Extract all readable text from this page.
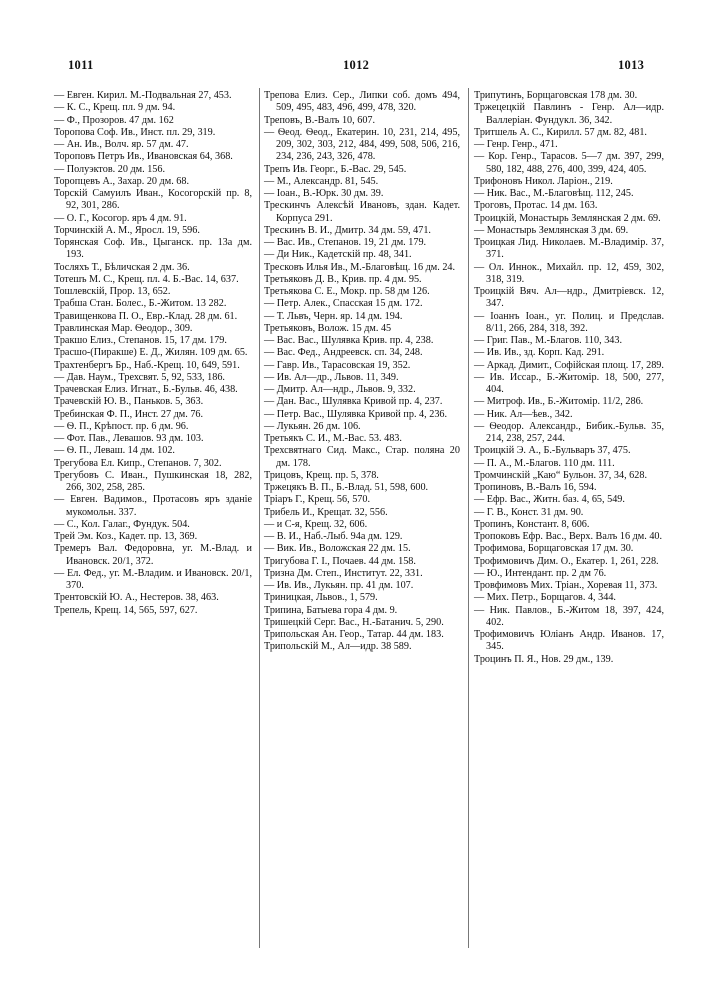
1011	1012	1013

— Евген. Кирил. М.-Подвальная 27, 453.

— К. С., Крещ. пл. 9 дм. 94.

— Ф., Прозоров. 47 дм. 162

Торопова Соф. Ив., Инст. пл. 29, 319.

— Ан. Ив., Волч. яр. 57 дм. 47.

Тороповъ Петръ Ив., Ивановская 64, 368.

— Полуэктов. 20 дм. 156.

Торопцевъ А., Захар. 20 дм. 68.

Торскій Самуилъ Иван., Косогорскій пр. 8, 92, 301, 286.

— О. Г., Косогор. яръ 4 дм. 91.

Торчинскій А. М., Яросл. 19, 596.

Торянская Соф. Ив., Цыганск. пр. 13а дм. 193.

Тосляхъ Т., Бѣличская 2 дм. 36.

Тотешъ М. С., Крещ. пл. 4. Б.-Вас. 14, 637.

Тошлевскій, Прор. 13, 652.

Трабша Стан. Болес., Б.-Житом. 13 282.

Травищенкова П. О., Евр.-Клад. 28 дм. 61.

Травлинская Мар. Ѳеодор., 309.

Тракшо Елиз., Степанов. 15, 17 дм. 179.

Трасшо-(Пиракше) Е. Д., Жилян. 109 дм. 65.

Трахтенбергъ Бр., Наб.-Крещ. 10, 649, 591.

— Дав. Наум., Трехсвят. 5, 92, 533, 186.

Трачевская Елиз. Игнат., Б.-Бульв. 46, 438.

Трачевскій Ю. В., Паньков. 5, 363.

Требинская Ф. П., Инст. 27 дм. 76.

— Ѳ. П., Крѣпост. пр. 6 дм. 96.

— Фот. Пав., Левашов. 93 дм. 103.

— Ѳ. П., Леваш. 14 дм. 102.

Трегубова Ел. Кипр., Степанов. 7, 302.

Трегубовъ С. Иван., Пушкинская 18, 282, 266, 302, 258, 285.

— Евген. Вадимов., Протасовъ яръ зданіе мукомольн. 337.

— С., Кол. Галаг., Фундук. 504.

Трей Эм. Коз., Кадет. пр. 13, 369.

Тремеръ Вал. Федоровна, уг. М.-Влад. и Ивановск. 20/1, 372.

— Ел. Фед., уг. М.-Владим. и Ивановск. 20/1, 370.

Трентовскій Ю. А., Нестеров. 38, 463.

Трепель, Крещ. 14, 565, 597, 627.

Трепова Елиз. Сер., Липки соб. домъ 494, 509, 495, 483, 496, 499, 478, 320.

Треповъ, В.-Валъ 10, 607.

— Ѳеод. Ѳеод., Екатерин. 10, 231, 214, 495, 209, 302, 303, 212, 484, 499, 508, 506, 216, 234, 236, 243, 326, 478.

Трепъ Ив. Георг., Б.-Вас. 29, 545.

— М., Александр. 81, 545.

— Іоан., В.-Юрк. 30 дм. 39.

Трескинчъ Алексѣй Ивановъ, здан. Кадет. Корпуса 291.

Трескинъ В. И., Дмитр. 34 дм. 59, 471.

— Вас. Ив., Степанов. 19, 21 дм. 179.

— Ди Ник., Кадетскій пр. 48, 341.

Тресковъ Илья Ив., М.-Благовѣщ. 16 дм. 24.

Третьяковъ Д. В., Крив. пр. 4 дм. 95.

Третьякова С. Е., Мокр. пр. 58 дм 126.

— Петр. Алек., Спасская 15 дм. 172.

— Т. Львъ, Черн. яр. 14 дм. 194.

Третьяковъ, Волож. 15 дм. 45

— Вас. Вас., Шулявка Крив. пр. 4, 238.

— Вас. Фед., Андреевск. сп. 34, 248.

— Гавр. Ив., Тарасовская 19, 352.

— Ив. Ал—др., Львов. 11, 349.

— Дмитр. Ал—ндр., Львов. 9, 332.

— Дан. Вас., Шулявка Кривой пр. 4, 237.

— Петр. Вас., Шулявка Кривой пр. 4, 236.

— Лукьян. 26 дм. 106.

Третьякъ С. И., М.-Вас. 53. 483.

Трехсвятнаго Сид. Макс., Стар. поляна 20 дм. 178.

Трицовъ, Крещ. пр. 5, 378.

Тржецякъ В. П., Б.-Влад. 51, 598, 600.

Тріаръ Г., Крещ. 56, 570.

Трибель И., Крещат. 32, 556.

— и С-я, Крещ. 32, 606.

— В. И., Наб.-Лыб. 94а дм. 129.

— Вик. Ив., Воложская 22 дм. 15.

Тригубова Г. І., Почаев. 44 дм. 158.

Тризна Дм. Степ., Институт. 22, 331.

— Ив. Ив., Лукьян. пр. 41 дм. 107.

Триницкая, Львов., 1, 579.

Трипина, Батыева гора 4 дм. 9.

Тришецкій Серг. Вас., Н.-Батанич. 5, 290.

Трипольская Ан. Геор., Татар. 44 дм. 183.

Трипольскій М., Ал—идр. 38 589.

Трипутинъ, Борщаговская 178 дм. 30.

Тржецецкій Павлинъ - Генр. Ал—идр. Валлеріан. Фундукл. 36, 342.

Тритшель А. С., Кирилл. 57 дм. 82, 481.

— Генр. Генр., 471.

— Кор. Генр., Тарасов. 5—7 дм. 397, 299, 580, 182, 488, 276, 400, 399, 424, 405.

Трифоновъ Никол. Ларіон., 219.

— Ник. Вас., М.-Благовѣщ. 112, 245.

Троговъ, Протас. 14 дм. 163.

Троицкій, Монастырь Землянская 2 дм. 69.

— Монастырь Землянская 3 дм. 69.

Троицкая Лид. Николаев. М.-Владимір. 37, 371.

— Ол. Иннок., Михайл. пр. 12, 459, 302, 318, 319.

Троицкій Вяч. Ал—ндр., Дмитріевск. 12, 347.

— Іоаннъ Іоан., уг. Полиц. и Предслав. 8/11, 266, 284, 318, 392.

— Григ. Пав., М.-Благов. 110, 343.

— Ив. Ив., зд. Корп. Кад. 291.

— Аркад. Димит., Софійская площ. 17, 289.

— Ив. Иссар., Б.-Житомір. 18, 500, 277, 404.

— Митроф. Ив., Б.-Житомір. 11/2, 286.

— Ник. Ал—ѣев., 342.

— Ѳеодор. Александр., Бибик.-Бульв. 35, 214, 238, 257, 244.

Троицкій Э. А., Б.-Бульваръ 37, 475.

— П. А., М.-Благов. 110 дм. 111.

Тромчинскій „Каю“ Бульон. 37, 34, 628.

Тропиновъ, В.-Валъ 16, 594.

— Ефр. Вас., Житн. баз. 4, 65, 549.

— Г. В., Конст. 31 дм. 90.

Тропинъ, Констант. 8, 606.

Тропоковъ Ефр. Вас., Верх. Валъ 16 дм. 40.

Трофимова, Борщаговская 17 дм. 30.

Трофимовичъ Дим. О., Екатер. 1, 261, 228.

— Ю., Интендант. пр. 2 дм 76.

Тровфимовъ Мих. Тріан., Хоревая 11, 373.

— Мих. Петр., Борщагов. 4, 344.

— Ник. Павлов., Б.-Житом 18, 397, 424, 402.

Трофимовичъ Юліанъ Андр. Иванов. 17, 345.

Троцинъ П. Я., Нов. 29 дм., 139.
